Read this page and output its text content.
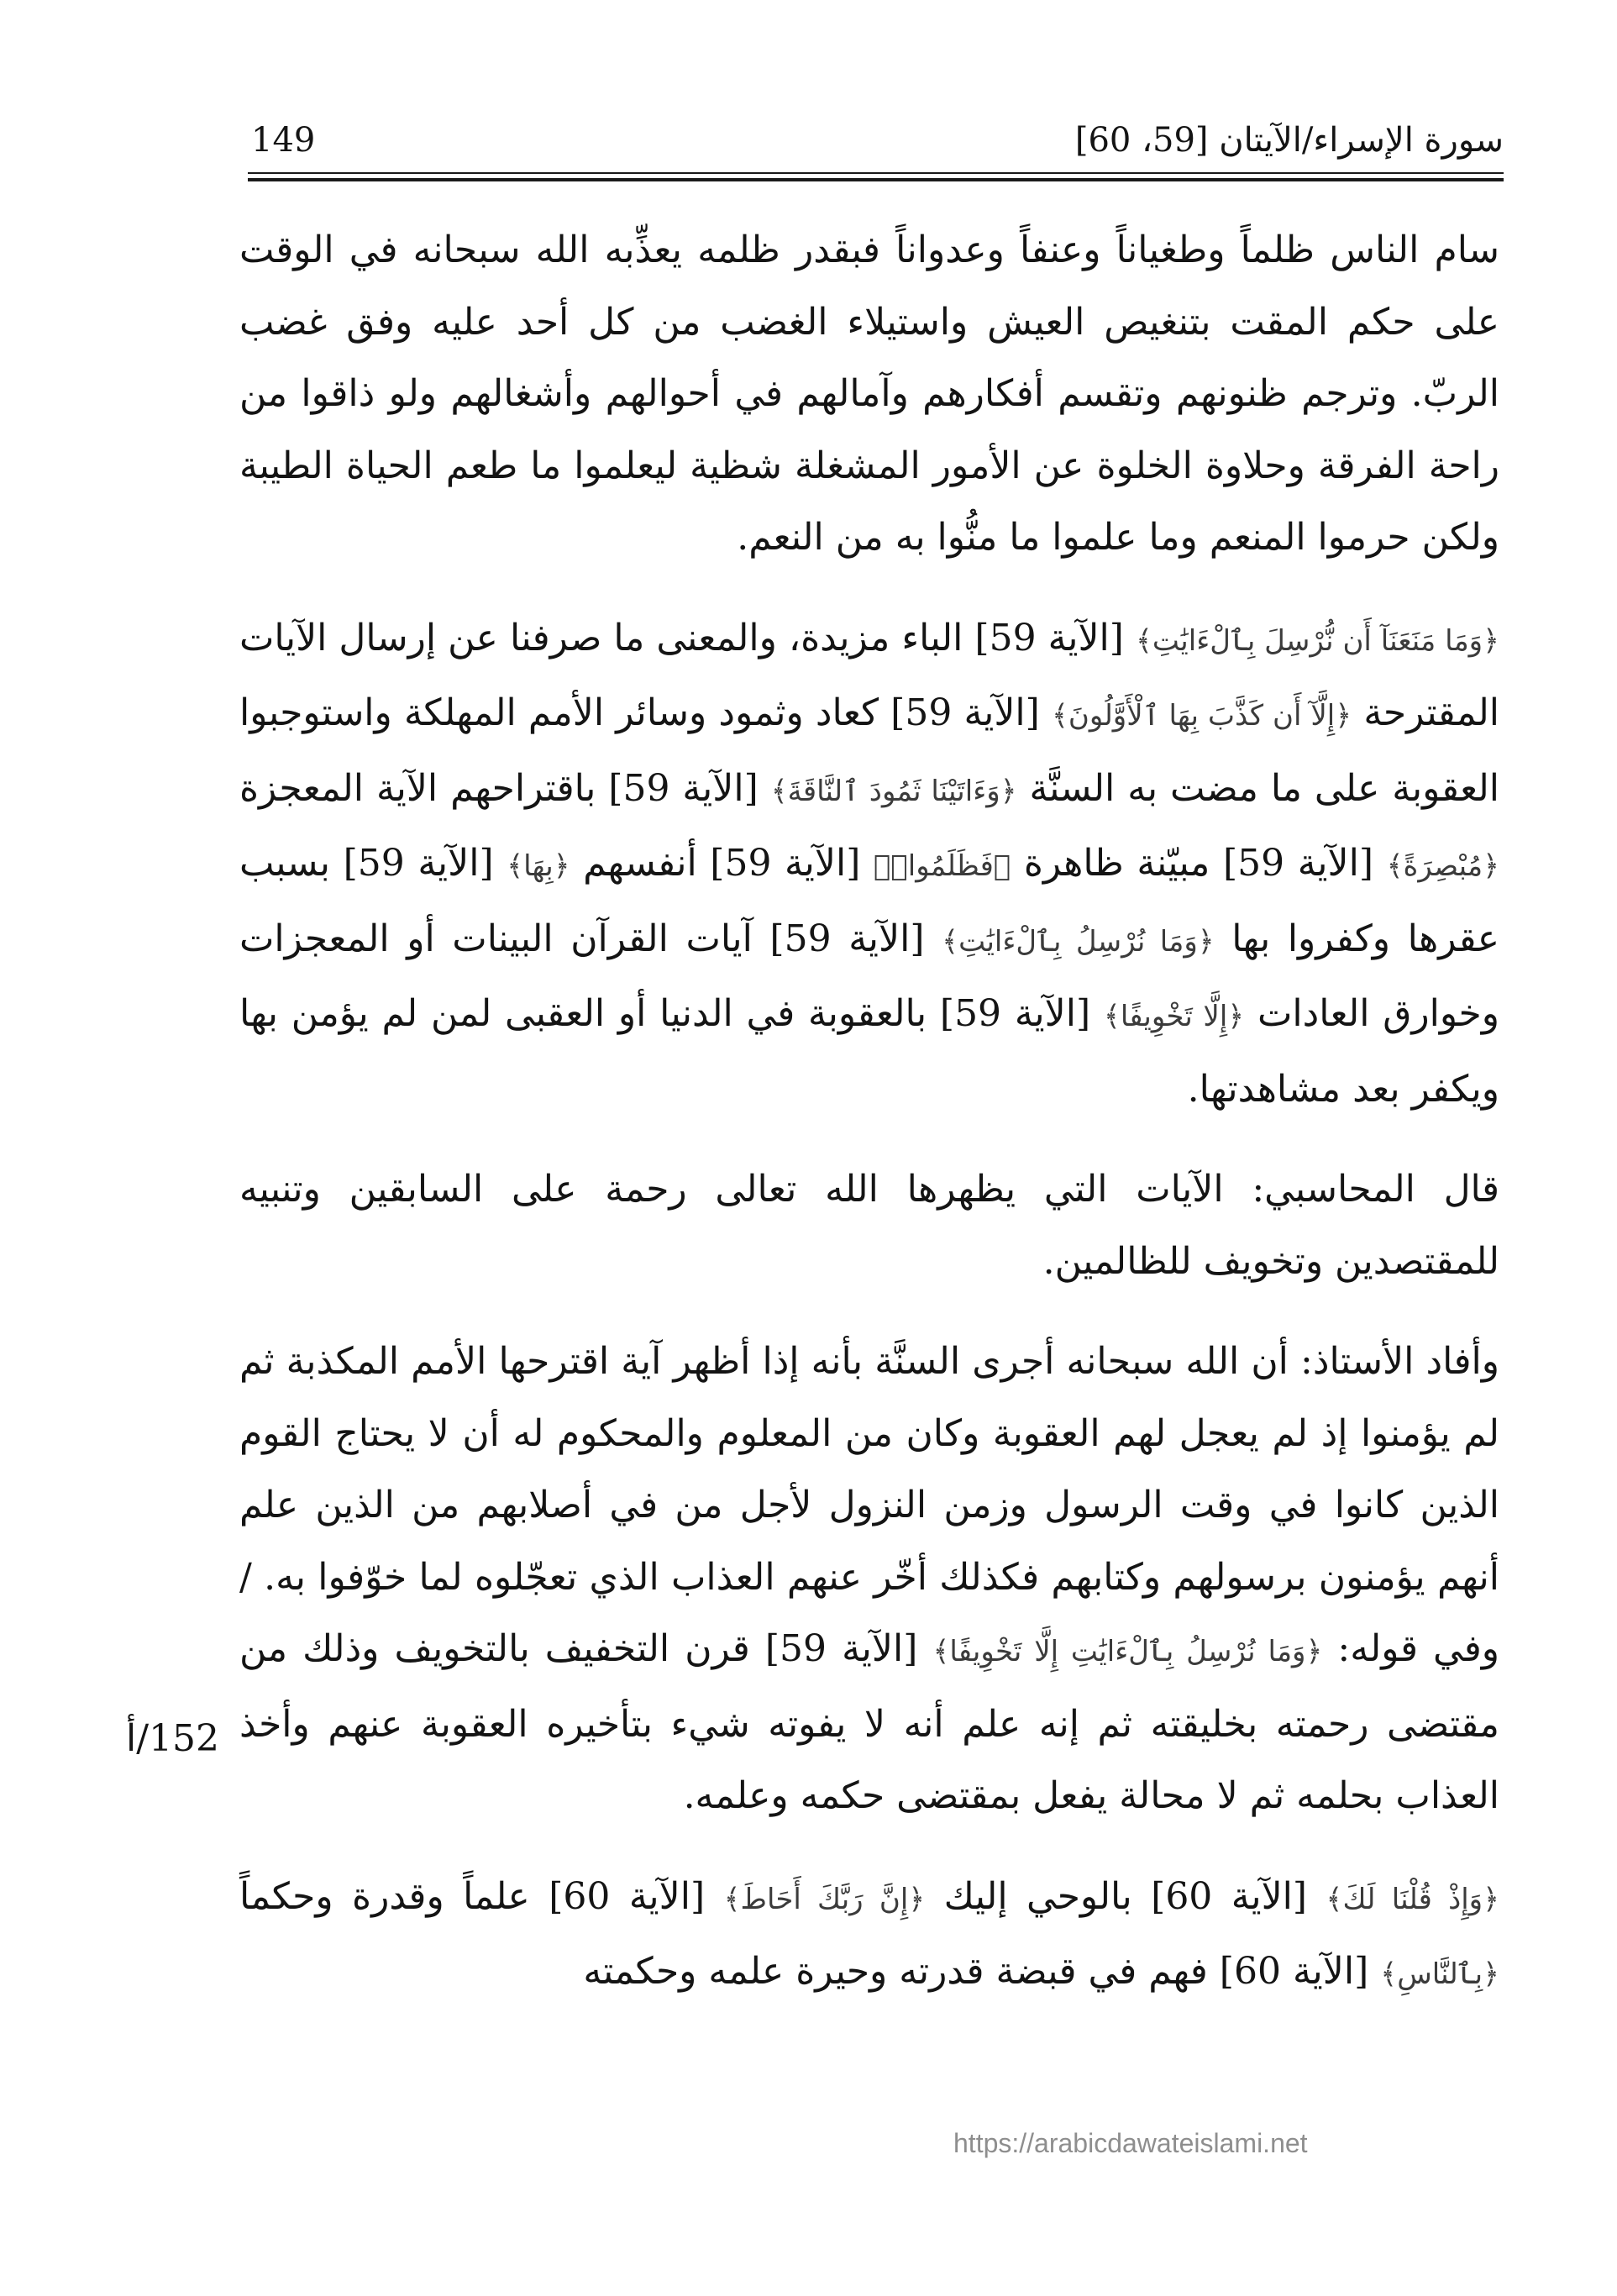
سورة الإسراء/الآيتان [59، 60]
149

سام الناس ظلماً وطغياناً وعنفاً وعدواناً فبقدر ظلمه يعذِّبه الله سبحانه في الوقت على حكم المقت بتنغيص العيش واستيلاء الغضب من كل أحد عليه وفق غضب الربّ. وترجم ظنونهم وتقسم أفكارهم وآمالهم في أحوالهم وأشغالهم ولو ذاقوا من راحة الفرقة وحلاوة الخلوة عن الأمور المشغلة شظية ليعلموا ما طعم الحياة الطيبة ولكن حرموا المنعم وما علموا ما منُّوا به من النعم.

﴿وَمَا مَنَعَنَآ أَن نُّرْسِلَ بِٱلْءَايَٰتِ﴾ [الآية 59] الباء مزيدة، والمعنى ما صرفنا عن إرسال الآيات المقترحة ﴿إِلَّآ أَن كَذَّبَ بِهَا ٱلْأَوَّلُونَ﴾ [الآية 59] كعاد وثمود وسائر الأمم المهلكة واستوجبوا العقوبة على ما مضت به السنَّة ﴿وَءَاتَيْنَا ثَمُودَ ٱلنَّاقَةَ﴾ [الآية 59] باقتراحهم الآية المعجزة ﴿مُبْصِرَةً﴾ [الآية 59] مبيّنة ظاهرة ﴿فَظَلَمُوا۟﴾ [الآية 59] أنفسهم ﴿بِهَا﴾ [الآية 59] بسبب عقرها وكفروا بها ﴿وَمَا نُرْسِلُ بِٱلْءَايَٰتِ﴾ [الآية 59] آيات القرآن البينات أو المعجزات وخوارق العادات ﴿إِلَّا تَخْوِيفًا﴾ [الآية 59] بالعقوبة في الدنيا أو العقبى لمن لم يؤمن بها ويكفر بعد مشاهدتها.

قال المحاسبي: الآيات التي يظهرها الله تعالى رحمة على السابقين وتنبيه للمقتصدين وتخويف للظالمين.

وأفاد الأستاذ: أن الله سبحانه أجرى السنَّة بأنه إذا أظهر آية اقترحها الأمم المكذبة ثم لم يؤمنوا إذ لم يعجل لهم العقوبة وكان من المعلوم والمحكوم له أن لا يحتاج القوم الذين كانوا في وقت الرسول وزمن النزول لأجل من في أصلابهم من الذين علم أنهم يؤمنون برسولهم وكتابهم فكذلك أخّر عنهم العذاب الذي تعجّلوه لما خوّفوا به. /وفي قوله: ﴿وَمَا نُرْسِلُ بِٱلْءَايَٰتِ إِلَّا تَخْوِيفًا﴾ [الآية 59] قرن التخفيف بالتخويف وذلك من مقتضى رحمته بخليقته ثم إنه علم أنه لا يفوته شيء بتأخيره العقوبة عنهم وأخذ العذاب بحلمه ثم لا محالة يفعل بمقتضى حكمه وعلمه.

﴿وَإِذْ قُلْنَا لَكَ﴾ [الآية 60] بالوحي إليك ﴿إِنَّ رَبَّكَ أَحَاطَ﴾ [الآية 60] علماً وقدرة وحكماً ﴿بِٱلنَّاسِ﴾ [الآية 60] فهم في قبضة قدرته وحيرة علمه وحكمته

152/أ
https://arabicdawateislami.net
